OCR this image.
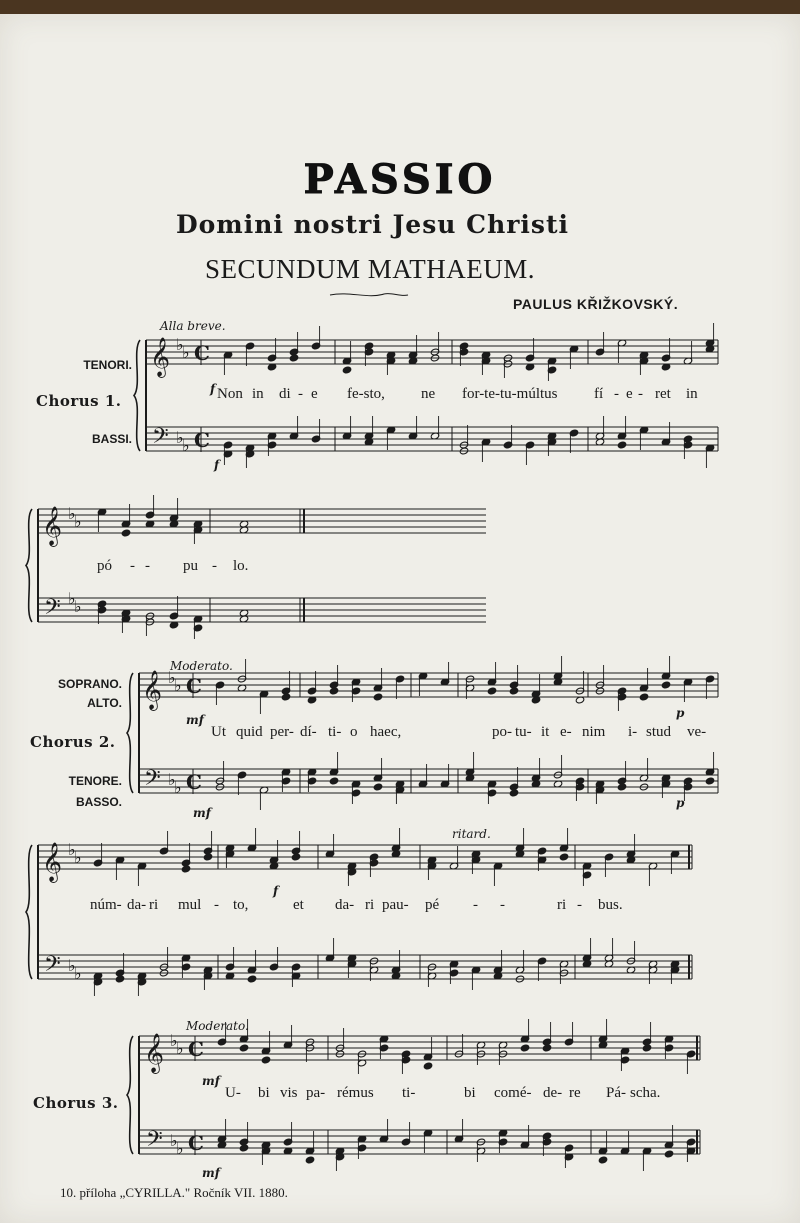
𝄞
𝄢
♭
♭
♭
♭
C
C
𝄞
𝄢
♭
♭
♭
♭
𝄞
𝄢
♭
♭
♭
♭
C
C
𝄞
𝄢
♭
♭
♭
♭
𝄞
𝄢
♭
♭
♭
♭
C
C
PASSIO
Domini nostri Jesu Christi
SECUNDUM MATHAEUM.
PAULUS KŘIŽKOVSKÝ.
Alla breve.
TENORI.
Chorus 1.
BASSI.
f
f
Non in di - e fe-sto, ne for-te-tu-múltus fí - e - ret in
pó - - pu - lo.
Moderato.
SOPRANO.
ALTO.
Chorus 2.
TENORE.
BASSO.
mf
mf
p
p
Ut quid per- dí- ti- o haec,	po- tu- it e- nim i- stud ve-
ritard.
f
núm- da- ri mul - to,	et da- ri pau- pé - -	ri - bus.
Moderato.
Chorus 3.
mf
mf
U- bi vis pa- rémus ti-	bi comé- de- re Pá- scha.
10. příloha „CYRILLA." Ročník VII. 1880.
